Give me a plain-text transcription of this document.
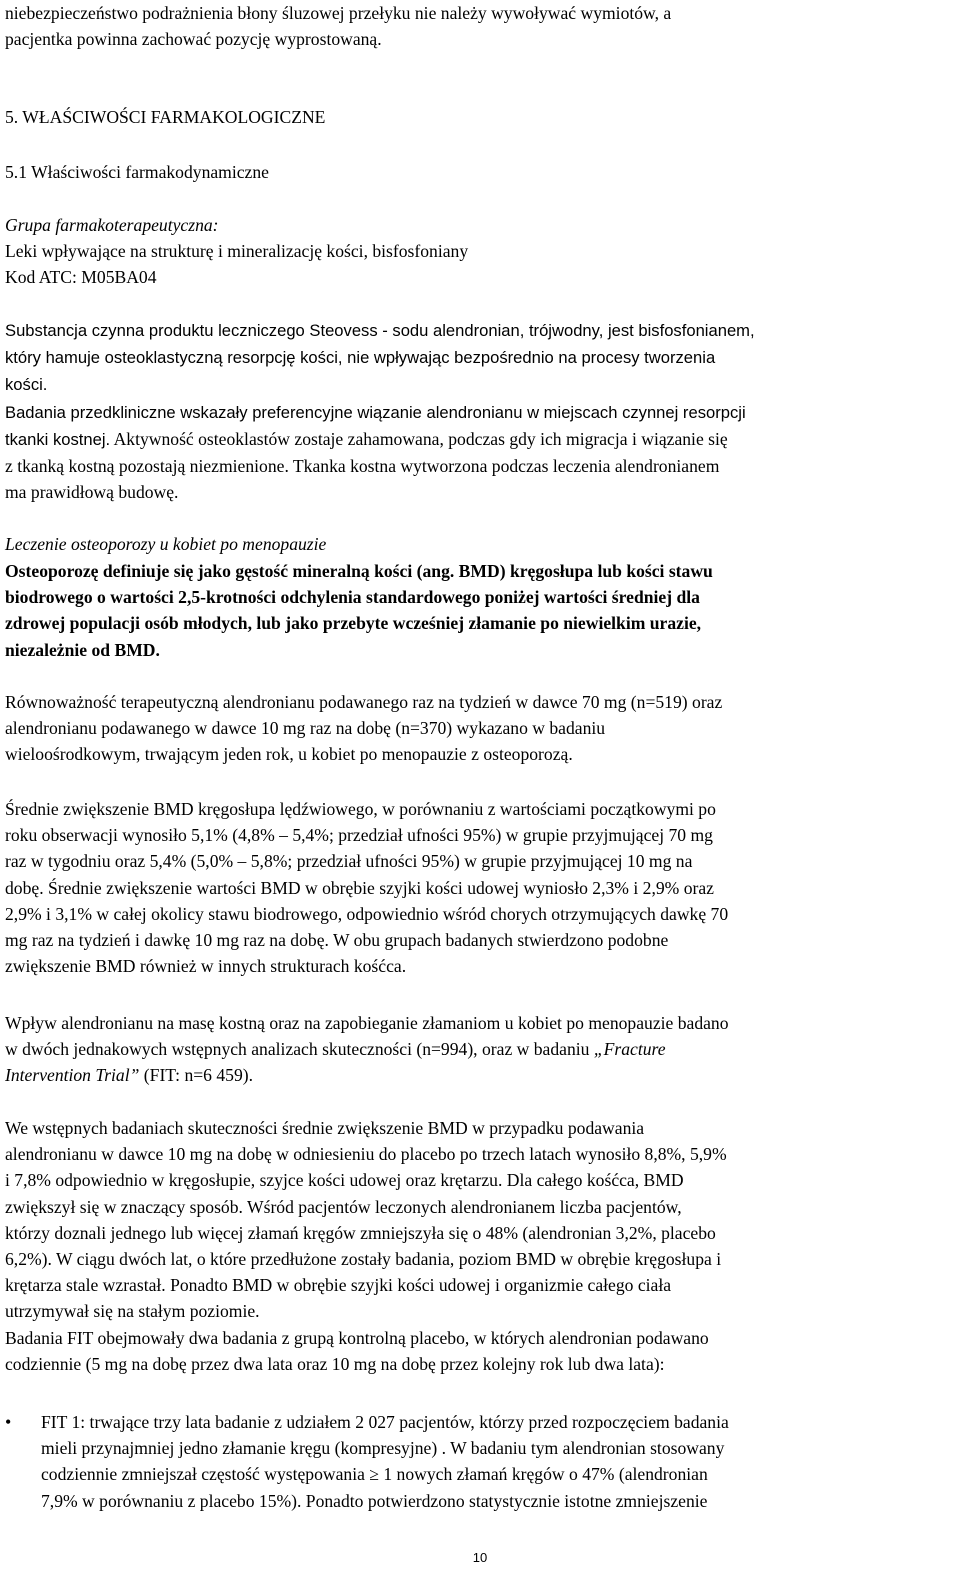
niebezpieczeństwo podrażnienia błony śluzowej przełyku nie należy wywoływać wymiotów, a
pacjentka powinna zachować pozycję wyprostowaną.

5. WŁAŚCIWOŚCI FARMAKOLOGICZNE
5.1 Właściwości farmakodynamiczne
Grupa farmakoterapeutyczna:
Leki wpływające na strukturę i mineralizację kości, bisfosfoniany
Kod ATC: M05BA04

Substancja czynna produktu leczniczego Steovess - sodu alendronian, trójwodny, jest bisfosfonianem,
który hamuje osteoklastyczną resorpcję kości, nie wpływając bezpośrednio na procesy tworzenia
kości.
Badania przedkliniczne wskazały preferencyjne wiązanie alendronianu w miejscach czynnej resorpcji
tkanki kostnej. Aktywność osteoklastów zostaje zahamowana, podczas gdy ich migracja i wiązanie się
z tkanką kostną pozostają niezmienione. Tkanka kostna wytworzona podczas leczenia alendronianem
ma prawidłową budowę.

Leczenie osteoporozy u kobiet po menopauzie

Osteoporozę definiuje się jako gęstość mineralną kości (ang. BMD) kręgosłupa lub kości stawu
biodrowego o wartości 2,5-krotności odchylenia standardowego poniżej wartości średniej dla
zdrowej populacji osób młodych, lub jako przebyte wcześniej złamanie po niewielkim urazie,
niezależnie od BMD.

Równoważność terapeutyczną alendronianu podawanego raz na tydzień w dawce 70 mg (n=519) oraz
alendronianu podawanego w dawce 10 mg raz na dobę (n=370) wykazano w badaniu
wieloośrodkowym, trwającym jeden rok, u kobiet po menopauzie z osteoporozą.

Średnie zwiększenie BMD kręgosłupa lędźwiowego, w porównaniu z wartościami początkowymi po
roku obserwacji wynosiło 5,1% (4,8% – 5,4%; przedział ufności 95%) w grupie przyjmującej 70 mg
raz w tygodniu oraz 5,4% (5,0% – 5,8%; przedział ufności 95%) w grupie przyjmującej 10 mg na
dobę. Średnie zwiększenie wartości BMD w obrębie szyjki kości udowej wyniosło 2,3% i 2,9% oraz
2,9% i 3,1% w całej okolicy stawu biodrowego, odpowiednio wśród chorych otrzymujących dawkę 70
mg raz na tydzień i dawkę 10 mg raz na dobę. W obu grupach badanych stwierdzono podobne
zwiększenie BMD również w innych strukturach kośćca.

Wpływ alendronianu na masę kostną oraz na zapobieganie złamaniom u kobiet po menopauzie badano
w dwóch jednakowych wstępnych analizach skuteczności (n=994), oraz w badaniu „Fracture
Intervention Trial” (FIT: n=6 459).

We wstępnych badaniach skuteczności średnie zwiększenie BMD w przypadku podawania
alendronianu w dawce 10 mg na dobę w odniesieniu do placebo po trzech latach wynosiło 8,8%, 5,9%
i 7,8% odpowiednio w kręgosłupie, szyjce kości udowej oraz krętarzu. Dla całego kośćca, BMD
zwiększył się w znaczący sposób. Wśród pacjentów leczonych alendronianem liczba pacjentów,
którzy doznali jednego lub więcej złamań kręgów zmniejszyła się o 48% (alendronian 3,2%, placebo
6,2%). W ciągu dwóch lat, o które przedłużone zostały badania, poziom BMD w obrębie kręgosłupa i
krętarza stale wzrastał. Ponadto BMD w obrębie szyjki kości udowej i organizmie całego ciała
utrzymywał się na stałym poziomie.
Badania FIT obejmowały dwa badania z grupą kontrolną placebo, w których alendronian podawano
codziennie (5 mg na dobę przez dwa lata oraz 10 mg na dobę przez kolejny rok lub dwa lata):

• FIT 1: trwające trzy lata badanie z udziałem 2 027 pacjentów, którzy przed rozpoczęciem badania
mieli przynajmniej jedno złamanie kręgu (kompresyjne) . W badaniu tym alendronian stosowany
codziennie zmniejszał częstość występowania ≥ 1 nowych złamań kręgów o 47% (alendronian
7,9% w porównaniu z placebo 15%). Ponadto potwierdzono statystycznie istotne zmniejszenie

10
